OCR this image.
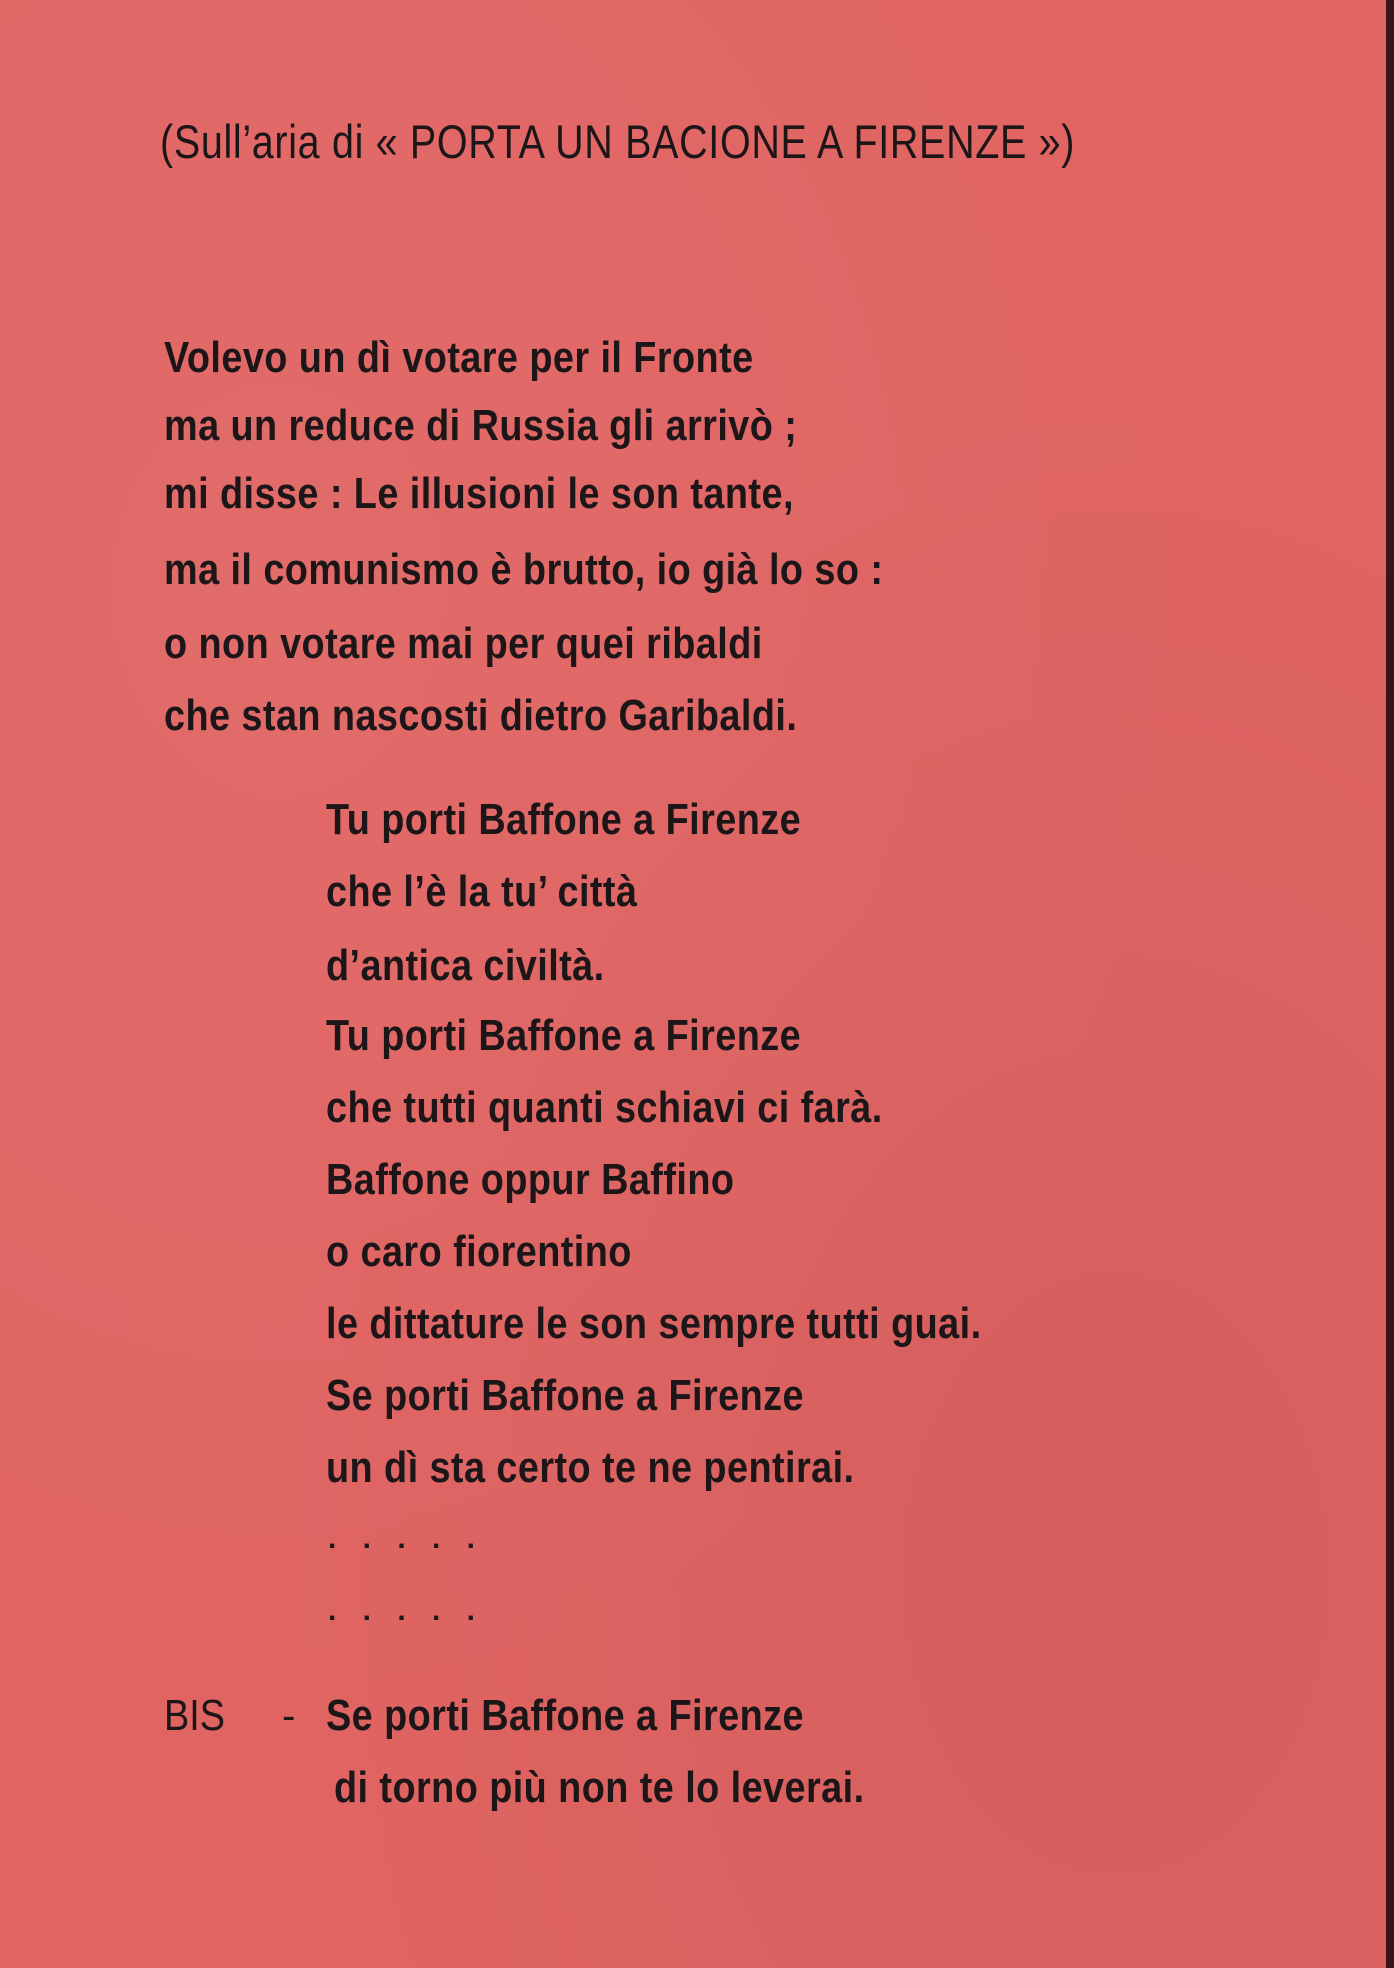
(Sull’aria di « PORTA UN BACIONE A FIRENZE »)

Volevo un dì votare per il Fronte

ma un reduce di Russia gli arrivò ;

mi disse : Le illusioni le son tante,

ma il comunismo è brutto, io già lo so :

o non votare mai per quei ribaldi

che stan nascosti dietro Garibaldi.

Tu porti Baffone a Firenze

che l’è la tu’ città

d’antica civiltà.

Tu porti Baffone a Firenze

che tutti quanti schiavi ci farà.

Baffone oppur Baffino

o caro fiorentino

le dittature le son sempre tutti guai.

Se porti Baffone a Firenze

un dì sta certo te ne pentirai.

. . . . .
. . . . .
BIS - Se porti Baffone a Firenze

di torno più non te lo leverai.
